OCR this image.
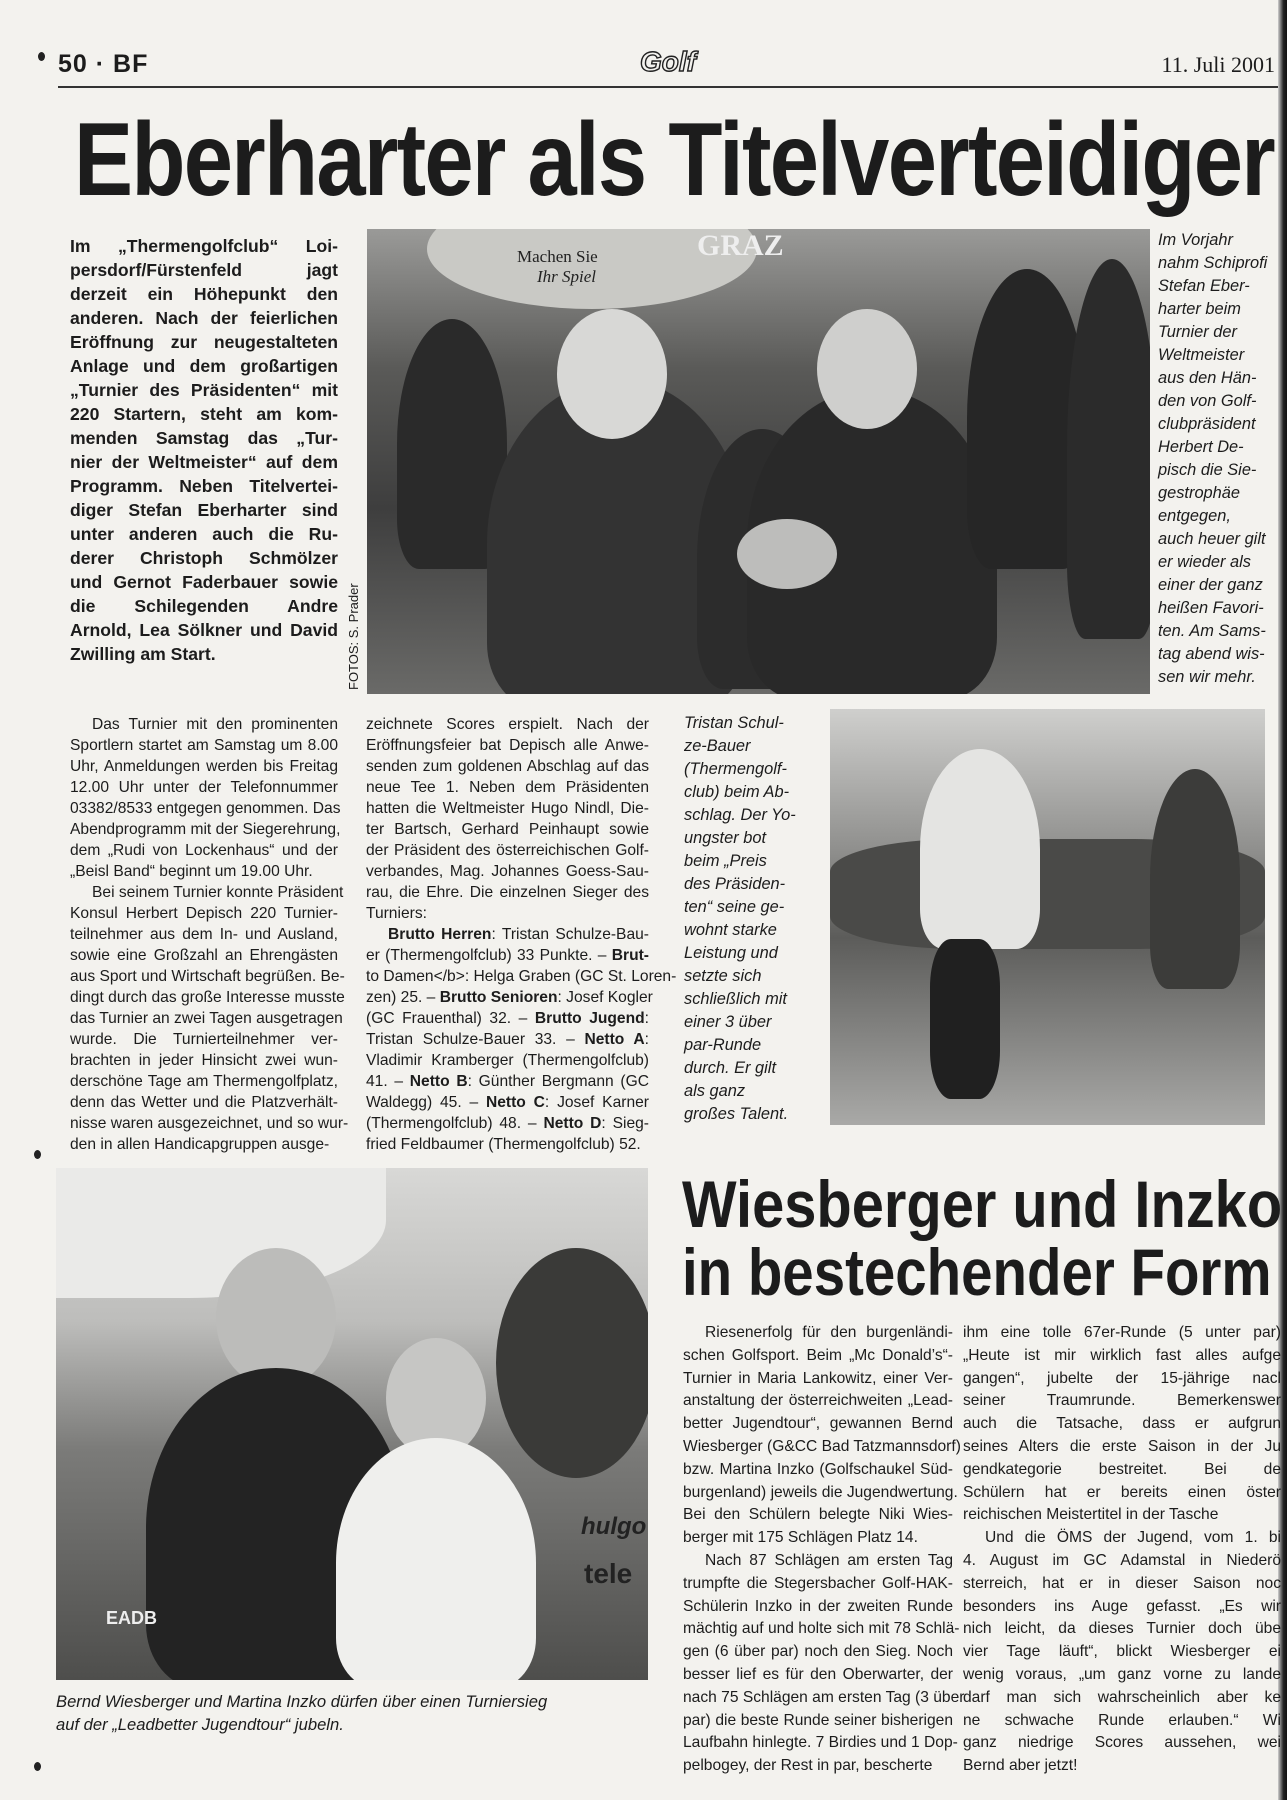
50 · BF	Golf	11. Juli 2001
Eberharter als Titelverteidiger
Im „Thermengolfclub“ Loi-
persdorf/Fürstenfeld jagt
derzeit ein Höhepunkt den
anderen. Nach der feierlichen
Eröffnung zur neugestalteten
Anlage und dem großartigen
„Turnier des Präsidenten“ mit
220 Startern, steht am kom-
menden Samstag das „Tur-
nier der Weltmeister“ auf dem
Programm. Neben Titelvertei-
diger Stefan Eberharter sind
unter anderen auch die Ru-
derer Christoph Schmölzer
und Gernot Faderbauer sowie
die Schilegenden Andre
Arnold, Lea Sölkner und David
Zwilling am Start.
Machen Sie
Ihr Spiel
GRAZ
FOTOS: S. Prader
Im Vorjahr
nahm Schiprofi
Stefan Eber-
harter beim
Turnier der
Weltmeister
aus den Hän-
den von Golf-
clubpräsident
Herbert De-
pisch die Sie-
gestrophäe
entgegen,
auch heuer gilt
er wieder als
einer der ganz
heißen Favori-
ten. Am Sams-
tag abend wis-
sen wir mehr.
Das Turnier mit den prominenten
Sportlern startet am Samstag um 8.00
Uhr, Anmeldungen werden bis Freitag
12.00 Uhr unter der Telefonnummer
03382/8533 entgegen genommen. Das
Abendprogramm mit der Siegerehrung,
dem „Rudi von Lockenhaus“ und der
„Beisl Band“ beginnt um 19.00 Uhr.
Bei seinem Turnier konnte Präsident
Konsul Herbert Depisch 220 Turnier-
teilnehmer aus dem In- und Ausland,
sowie eine Großzahl an Ehrengästen
aus Sport und Wirtschaft begrüßen. Be-
dingt durch das große Interesse musste
das Turnier an zwei Tagen ausgetragen
wurde. Die Turnierteilnehmer ver-
brachten in jeder Hinsicht zwei wun-
derschöne Tage am Thermengolfplatz,
denn das Wetter und die Platzverhält-
nisse waren ausgezeichnet, und so wur-
den in allen Handicapgruppen ausge-
zeichnete Scores erspielt. Nach der
Eröffnungsfeier bat Depisch alle Anwe-
senden zum goldenen Abschlag auf das
neue Tee 1. Neben dem Präsidenten
hatten die Weltmeister Hugo Nindl, Die-
ter Bartsch, Gerhard Peinhaupt sowie
der Präsident des österreichischen Golf-
verbandes, Mag. Johannes Goess-Sau-
rau, die Ehre. Die einzelnen Sieger des
Turniers:
Brutto Herren: Tristan Schulze-Bau-
er (Thermengolfclub) 33 Punkte. – Brut-
to Damen</b>: Helga Graben (GC St. Loren-
zen) 25. – Brutto Senioren: Josef Kogler
(GC Frauenthal) 32. – Brutto Jugend:
Tristan Schulze-Bauer 33. – Netto A:
Vladimir Kramberger (Thermengolfclub)
41. – Netto B: Günther Bergmann (GC
Waldegg) 45. – Netto C: Josef Karner
(Thermengolfclub) 48. – Netto D: Sieg-
fried Feldbaumer (Thermengolfclub) 52.
Tristan Schul-
ze-Bauer
(Thermengolf-
club) beim Ab-
schlag. Der Yo-
ungster bot
beim „Preis
des Präsiden-
ten“ seine ge-
wohnt starke
Leistung und
setzte sich
schließlich mit
einer 3 über
par-Runde
durch. Er gilt
als ganz
großes Talent.
hulgo
tele
EADB
Bernd Wiesberger und Martina Inzko dürfen über einen Turniersieg
auf der „Leadbetter Jugendtour“ jubeln.
Wiesberger und Inzko
in bestechender Form
Riesenerfolg für den burgenländi-
schen Golfsport. Beim „Mc Donald’s“-
Turnier in Maria Lankowitz, einer Ver-
anstaltung der österreichweiten „Lead-
better Jugendtour“, gewannen Bernd
Wiesberger (G&CC Bad Tatzmannsdorf)
bzw. Martina Inzko (Golfschaukel Süd-
burgenland) jeweils die Jugendwertung.
Bei den Schülern belegte Niki Wies-
berger mit 175 Schlägen Platz 14.
Nach 87 Schlägen am ersten Tag
trumpfte die Stegersbacher Golf-HAK-
Schülerin Inzko in der zweiten Runde
mächtig auf und holte sich mit 78 Schlä-
gen (6 über par) noch den Sieg. Noch
besser lief es für den Oberwarter, der
nach 75 Schlägen am ersten Tag (3 über
par) die beste Runde seiner bisherigen
Laufbahn hinlegte. 7 Birdies und 1 Dop-
pelbogey, der Rest in par, bescherte
ihm eine tolle 67er-Runde (5 unter par)
„Heute ist mir wirklich fast alles aufge
gangen“, jubelte der 15-jährige nacl
seiner Traumrunde. Bemerkenswer
auch die Tatsache, dass er aufgrun
seines Alters die erste Saison in der Ju
gendkategorie bestreitet. Bei de
Schülern hat er bereits einen öster
reichischen Meistertitel in der Tasche
Und die ÖMS der Jugend, vom 1. bi
4. August im GC Adamstal in Niederö
sterreich, hat er in dieser Saison noc
besonders ins Auge gefasst. „Es wir
nich leicht, da dieses Turnier doch übe
vier Tage läuft“, blickt Wiesberger ei
wenig voraus, „um ganz vorne zu lande
darf man sich wahrscheinlich aber ke
ne schwache Runde erlauben.“ Wi
ganz niedrige Scores aussehen, wei
Bernd aber jetzt!
